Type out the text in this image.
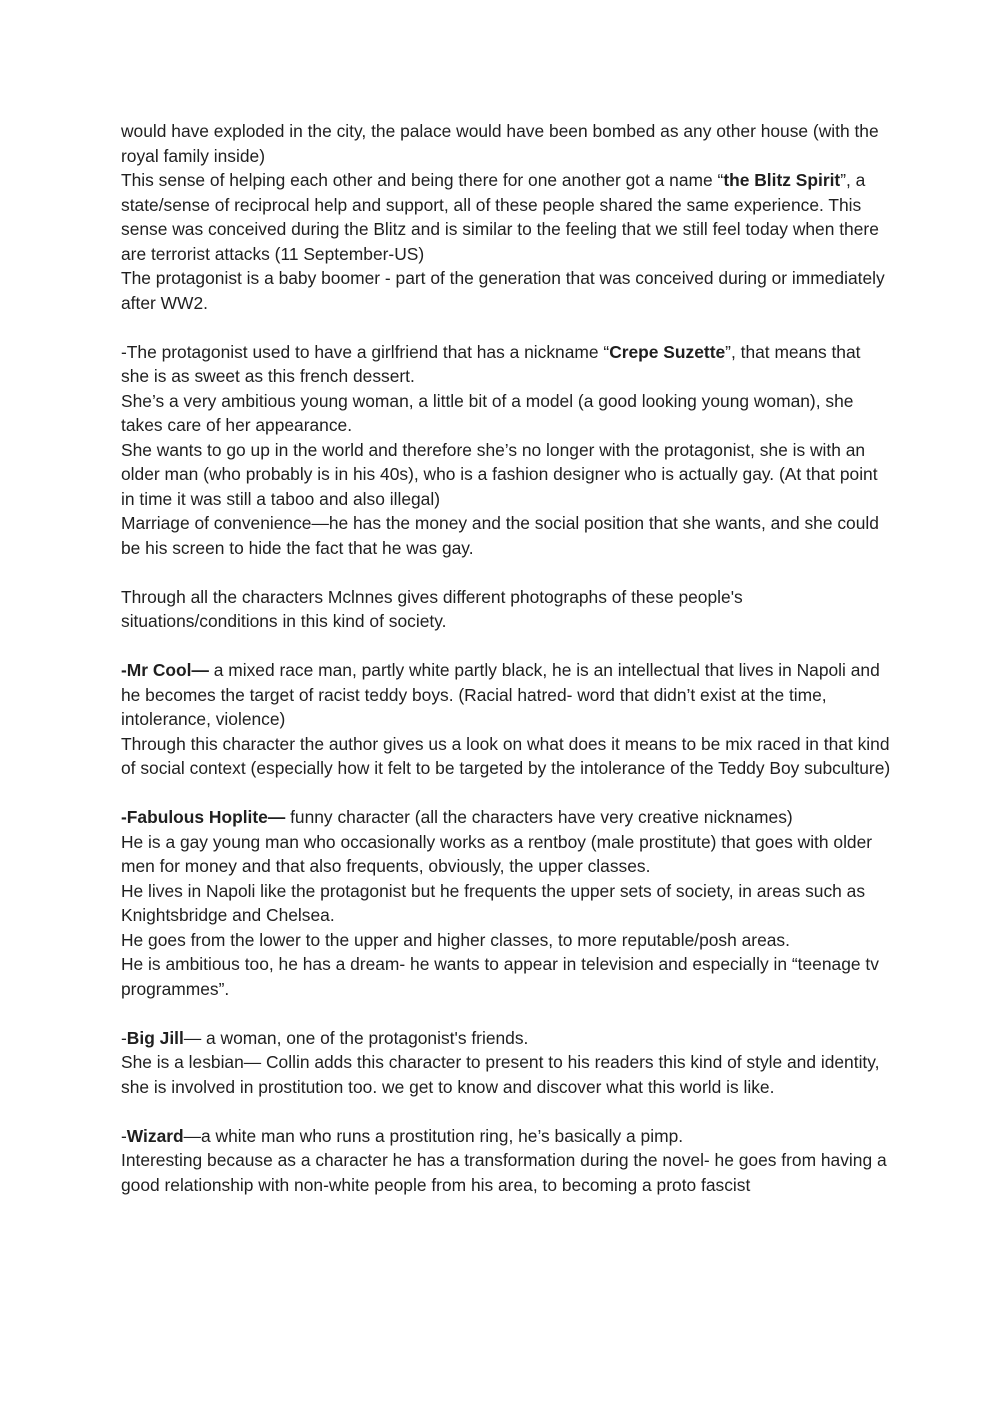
would have exploded in the city, the palace would have been bombed as any other house (with the royal family inside)

This sense of helping each other and being there for one another got a name “the Blitz Spirit”, a state/sense of reciprocal help and support, all of these people shared the same experience. This sense was conceived during the Blitz and is similar to the feeling that we still feel today when there are terrorist attacks (11 September-US)

The protagonist is a baby boomer - part of the generation that was conceived during or immediately after WW2.

-The protagonist used to have a girlfriend that has a nickname “Crepe Suzette”, that means that she is as sweet as this french dessert.

She’s a very ambitious young woman, a little bit of a model (a good looking young woman), she takes care of her appearance.

She wants to go up in the world and therefore she’s no longer with the protagonist, she is with an older man (who probably is in his 40s), who is a fashion designer who is actually gay. (At that point in time it was still a taboo and also illegal)

Marriage of convenience—he has the money and the social position that she wants, and she could be his screen to hide the fact that he was gay.

Through all the characters Mclnnes gives different photographs of these people's situations/conditions in this kind of society.

-Mr Cool— a mixed race man, partly white partly black, he is an intellectual that lives in Napoli and he becomes the target of racist teddy boys. (Racial hatred- word that didn’t exist at the time, intolerance, violence)

Through this character the author gives us a look on what does it means to be mix raced in that kind of social context (especially how it felt to be targeted by the intolerance of the Teddy Boy subculture)

-Fabulous Hoplite— funny character (all the characters have very creative nicknames)

He is a gay young man who occasionally works as a rentboy (male prostitute) that goes with older men for money and that also frequents, obviously, the upper classes.

He lives in Napoli like the protagonist but he frequents the upper sets of society, in areas such as Knightsbridge and Chelsea.

He goes from the lower to the upper and higher classes, to more reputable/posh areas.

He is ambitious too, he has a dream- he wants to appear in television and especially in “teenage tv programmes”.

-Big Jill— a woman, one of the protagonist's friends.

She is a lesbian— Collin adds this character to present to his readers this kind of style and identity, she is involved in prostitution too. we get to know and discover what this world is like.

-Wizard—a white man who runs a prostitution ring, he’s basically a pimp.

Interesting because as a character he has a transformation during the novel- he goes from having a good relationship with non-white people from his area, to becoming a proto fascist
